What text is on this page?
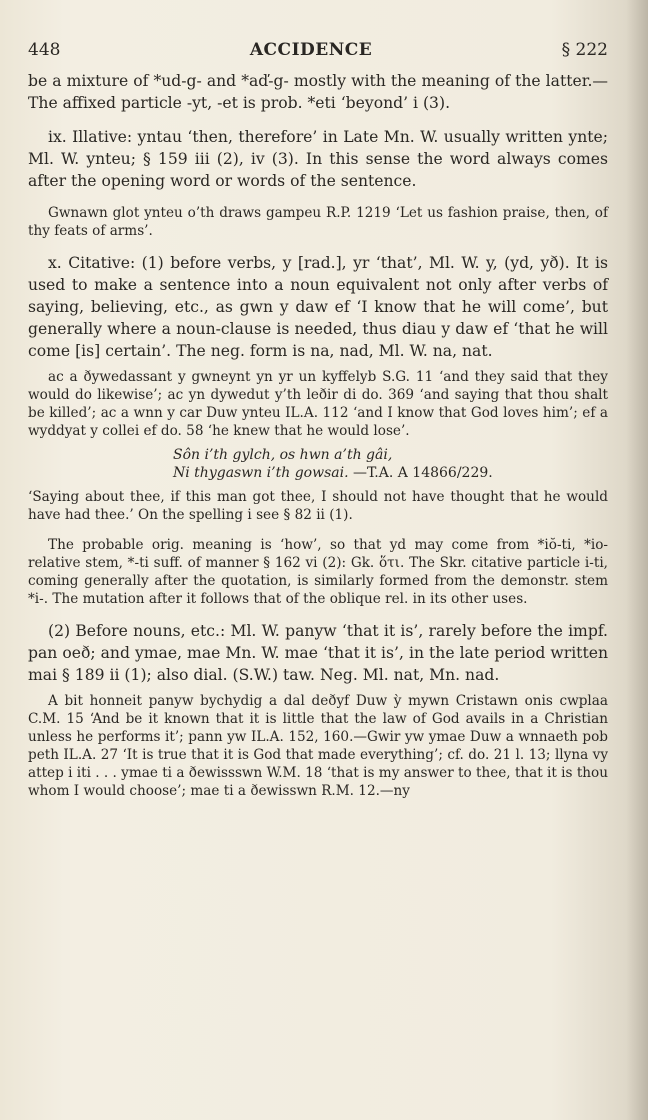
448	ACCIDENCE	§ 222

be a mixture of *ud-g- and *aď-g- mostly with the meaning of the latter.—The affixed particle -yt, -et is prob. *eti ‘beyond’ i (3).

ix. Illative: yntau ‘then, therefore’ in Late Mn. W. usually written ynte; Ml. W. ynteu; § 159 iii (2), iv (3). In this sense the word always comes after the opening word or words of the sentence.

Gwnawn glot ynteu o’th draws gampeu R.P. 1219 ‘Let us fashion praise, then, of thy feats of arms’.

x. Citative: (1) before verbs, y [rad.], yr ‘that’, Ml. W. y, (yd, yð). It is used to make a sentence into a noun equivalent not only after verbs of saying, believing, etc., as gwn y daw ef ‘I know that he will come’, but generally where a noun-clause is needed, thus diau y daw ef ‘that he will come [is] certain’. The neg. form is na, nad, Ml. W. na, nat.

ac a ðywedassant y gwneynt yn yr un kyffelyb S.G. 11 ‘and they said that they would do likewise’; ac yn dywedut y’th leðir di do. 369 ‘and saying that thou shalt be killed’; ac a wnn y car Duw ynteu IL.A. 112 ‘and I know that God loves him’; ef a wyddyat y collei ef do. 58 ‘he knew that he would lose’.

Sôn i’th gylch, os hwn a’th gâi,
Ni thygaswn i’th gowsai. —T.A. A 14866/229.

‘Saying about thee, if this man got thee, I should not have thought that he would have had thee.’ On the spelling i see § 82 ii (1).

The probable orig. meaning is ‘how’, so that yd may come from *iŏ-ti, *io- relative stem, *-ti suff. of manner § 162 vi (2): Gk. ὅτι. The Skr. citative particle i-ti, coming generally after the quotation, is similarly formed from the demonstr. stem *i-. The mutation after it follows that of the oblique rel. in its other uses.

(2) Before nouns, etc.: Ml. W. panyw ‘that it is’, rarely before the impf. pan oeð; and ymae, mae Mn. W. mae ‘that it is’, in the late period written mai § 189 ii (1); also dial. (S.W.) taw. Neg. Ml. nat, Mn. nad.

A bit honneit panyw bychydig a dal deðyf Duw ỳ mywn Cristawn onis cwplaa C.M. 15 ‘And be it known that it is little that the law of God avails in a Christian unless he performs it’; pann yw IL.A. 152, 160.—Gwir yw ymae Duw a wnnaeth pob peth IL.A. 27 ‘It is true that it is God that made everything’; cf. do. 21 l. 13; llyna vy attep i iti . . . ymae ti a ðewissswn W.M. 18 ‘that is my answer to thee, that it is thou whom I would choose’; mae ti a ðewisswn R.M. 12.—ny
